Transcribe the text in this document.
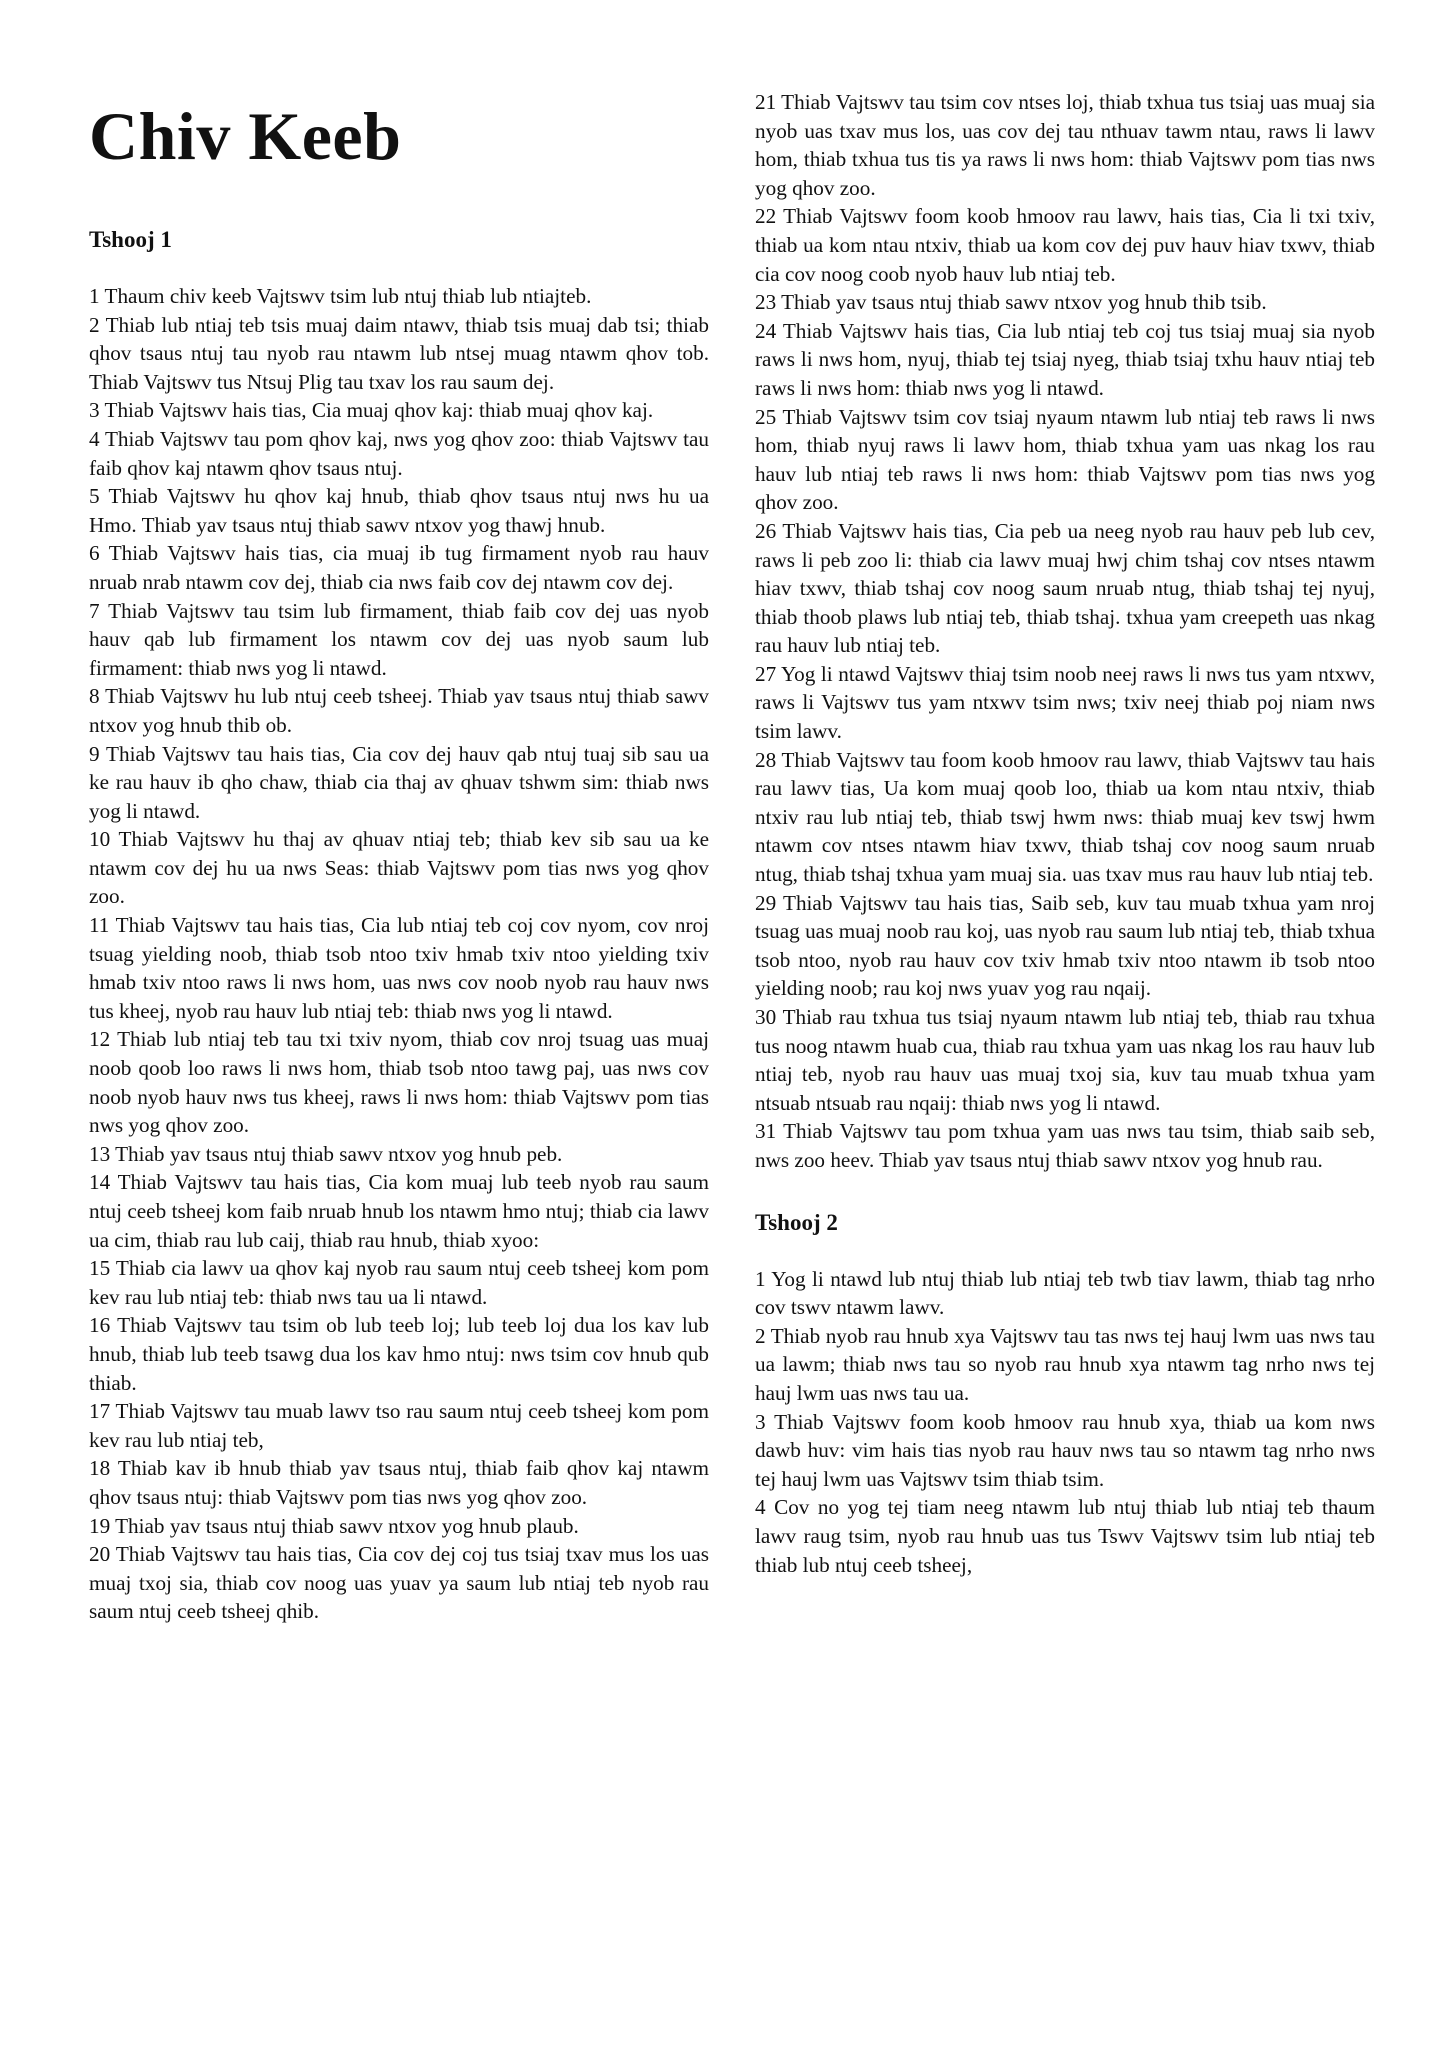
Chiv Keeb
Tshooj 1

1 Thaum chiv keeb Vajtswv tsim lub ntuj thiab lub ntiajteb.

2 Thiab lub ntiaj teb tsis muaj daim ntawv, thiab tsis muaj dab tsi; thiab qhov tsaus ntuj tau nyob rau ntawm lub ntsej muag ntawm qhov tob. Thiab Vajtswv tus Ntsuj Plig tau txav los rau saum dej.

3 Thiab Vajtswv hais tias, Cia muaj qhov kaj: thiab muaj qhov kaj.

4 Thiab Vajtswv tau pom qhov kaj, nws yog qhov zoo: thiab Vajtswv tau faib qhov kaj ntawm qhov tsaus ntuj.

5 Thiab Vajtswv hu qhov kaj hnub, thiab qhov tsaus ntuj nws hu ua Hmo. Thiab yav tsaus ntuj thiab sawv ntxov yog thawj hnub.

6 Thiab Vajtswv hais tias, cia muaj ib tug firmament nyob rau hauv nruab nrab ntawm cov dej, thiab cia nws faib cov dej ntawm cov dej.

7 Thiab Vajtswv tau tsim lub firmament, thiab faib cov dej uas nyob hauv qab lub firmament los ntawm cov dej uas nyob saum lub firmament: thiab nws yog li ntawd.

8 Thiab Vajtswv hu lub ntuj ceeb tsheej. Thiab yav tsaus ntuj thiab sawv ntxov yog hnub thib ob.

9 Thiab Vajtswv tau hais tias, Cia cov dej hauv qab ntuj tuaj sib sau ua ke rau hauv ib qho chaw, thiab cia thaj av qhuav tshwm sim: thiab nws yog li ntawd.

10 Thiab Vajtswv hu thaj av qhuav ntiaj teb; thiab kev sib sau ua ke ntawm cov dej hu ua nws Seas: thiab Vajtswv pom tias nws yog qhov zoo.

11 Thiab Vajtswv tau hais tias, Cia lub ntiaj teb coj cov nyom, cov nroj tsuag yielding noob, thiab tsob ntoo txiv hmab txiv ntoo yielding txiv hmab txiv ntoo raws li nws hom, uas nws cov noob nyob rau hauv nws tus kheej, nyob rau hauv lub ntiaj teb: thiab nws yog li ntawd.

12 Thiab lub ntiaj teb tau txi txiv nyom, thiab cov nroj tsuag uas muaj noob qoob loo raws li nws hom, thiab tsob ntoo tawg paj, uas nws cov noob nyob hauv nws tus kheej, raws li nws hom: thiab Vajtswv pom tias nws yog qhov zoo.

13 Thiab yav tsaus ntuj thiab sawv ntxov yog hnub peb.

14 Thiab Vajtswv tau hais tias, Cia kom muaj lub teeb nyob rau saum ntuj ceeb tsheej kom faib nruab hnub los ntawm hmo ntuj; thiab cia lawv ua cim, thiab rau lub caij, thiab rau hnub, thiab xyoo:

15 Thiab cia lawv ua qhov kaj nyob rau saum ntuj ceeb tsheej kom pom kev rau lub ntiaj teb: thiab nws tau ua li ntawd.

16 Thiab Vajtswv tau tsim ob lub teeb loj; lub teeb loj dua los kav lub hnub, thiab lub teeb tsawg dua los kav hmo ntuj: nws tsim cov hnub qub thiab.

17 Thiab Vajtswv tau muab lawv tso rau saum ntuj ceeb tsheej kom pom kev rau lub ntiaj teb,

18 Thiab kav ib hnub thiab yav tsaus ntuj, thiab faib qhov kaj ntawm qhov tsaus ntuj: thiab Vajtswv pom tias nws yog qhov zoo.

19 Thiab yav tsaus ntuj thiab sawv ntxov yog hnub plaub.

20 Thiab Vajtswv tau hais tias, Cia cov dej coj tus tsiaj txav mus los uas muaj txoj sia, thiab cov noog uas yuav ya saum lub ntiaj teb nyob rau saum ntuj ceeb tsheej qhib.

21 Thiab Vajtswv tau tsim cov ntses loj, thiab txhua tus tsiaj uas muaj sia nyob uas txav mus los, uas cov dej tau nthuav tawm ntau, raws li lawv hom, thiab txhua tus tis ya raws li nws hom: thiab Vajtswv pom tias nws yog qhov zoo.

22 Thiab Vajtswv foom koob hmoov rau lawv, hais tias, Cia li txi txiv, thiab ua kom ntau ntxiv, thiab ua kom cov dej puv hauv hiav txwv, thiab cia cov noog coob nyob hauv lub ntiaj teb.

23 Thiab yav tsaus ntuj thiab sawv ntxov yog hnub thib tsib.

24 Thiab Vajtswv hais tias, Cia lub ntiaj teb coj tus tsiaj muaj sia nyob raws li nws hom, nyuj, thiab tej tsiaj nyeg, thiab tsiaj txhu hauv ntiaj teb raws li nws hom: thiab nws yog li ntawd.

25 Thiab Vajtswv tsim cov tsiaj nyaum ntawm lub ntiaj teb raws li nws hom, thiab nyuj raws li lawv hom, thiab txhua yam uas nkag los rau hauv lub ntiaj teb raws li nws hom: thiab Vajtswv pom tias nws yog qhov zoo.

26 Thiab Vajtswv hais tias, Cia peb ua neeg nyob rau hauv peb lub cev, raws li peb zoo li: thiab cia lawv muaj hwj chim tshaj cov ntses ntawm hiav txwv, thiab tshaj cov noog saum nruab ntug, thiab tshaj tej nyuj, thiab thoob plaws lub ntiaj teb, thiab tshaj. txhua yam creepeth uas nkag rau hauv lub ntiaj teb.

27 Yog li ntawd Vajtswv thiaj tsim noob neej raws li nws tus yam ntxwv, raws li Vajtswv tus yam ntxwv tsim nws; txiv neej thiab poj niam nws tsim lawv.

28 Thiab Vajtswv tau foom koob hmoov rau lawv, thiab Vajtswv tau hais rau lawv tias, Ua kom muaj qoob loo, thiab ua kom ntau ntxiv, thiab ntxiv rau lub ntiaj teb, thiab tswj hwm nws: thiab muaj kev tswj hwm ntawm cov ntses ntawm hiav txwv, thiab tshaj cov noog saum nruab ntug, thiab tshaj txhua yam muaj sia. uas txav mus rau hauv lub ntiaj teb.

29 Thiab Vajtswv tau hais tias, Saib seb, kuv tau muab txhua yam nroj tsuag uas muaj noob rau koj, uas nyob rau saum lub ntiaj teb, thiab txhua tsob ntoo, nyob rau hauv cov txiv hmab txiv ntoo ntawm ib tsob ntoo yielding noob; rau koj nws yuav yog rau nqaij.

30 Thiab rau txhua tus tsiaj nyaum ntawm lub ntiaj teb, thiab rau txhua tus noog ntawm huab cua, thiab rau txhua yam uas nkag los rau hauv lub ntiaj teb, nyob rau hauv uas muaj txoj sia, kuv tau muab txhua yam ntsuab ntsuab rau nqaij: thiab nws yog li ntawd.

31 Thiab Vajtswv tau pom txhua yam uas nws tau tsim, thiab saib seb, nws zoo heev. Thiab yav tsaus ntuj thiab sawv ntxov yog hnub rau.

Tshooj 2

1 Yog li ntawd lub ntuj thiab lub ntiaj teb twb tiav lawm, thiab tag nrho cov tswv ntawm lawv.

2 Thiab nyob rau hnub xya Vajtswv tau tas nws tej hauj lwm uas nws tau ua lawm; thiab nws tau so nyob rau hnub xya ntawm tag nrho nws tej hauj lwm uas nws tau ua.

3 Thiab Vajtswv foom koob hmoov rau hnub xya, thiab ua kom nws dawb huv: vim hais tias nyob rau hauv nws tau so ntawm tag nrho nws tej hauj lwm uas Vajtswv tsim thiab tsim.

4 Cov no yog tej tiam neeg ntawm lub ntuj thiab lub ntiaj teb thaum lawv raug tsim, nyob rau hnub uas tus Tswv Vajtswv tsim lub ntiaj teb thiab lub ntuj ceeb tsheej,
